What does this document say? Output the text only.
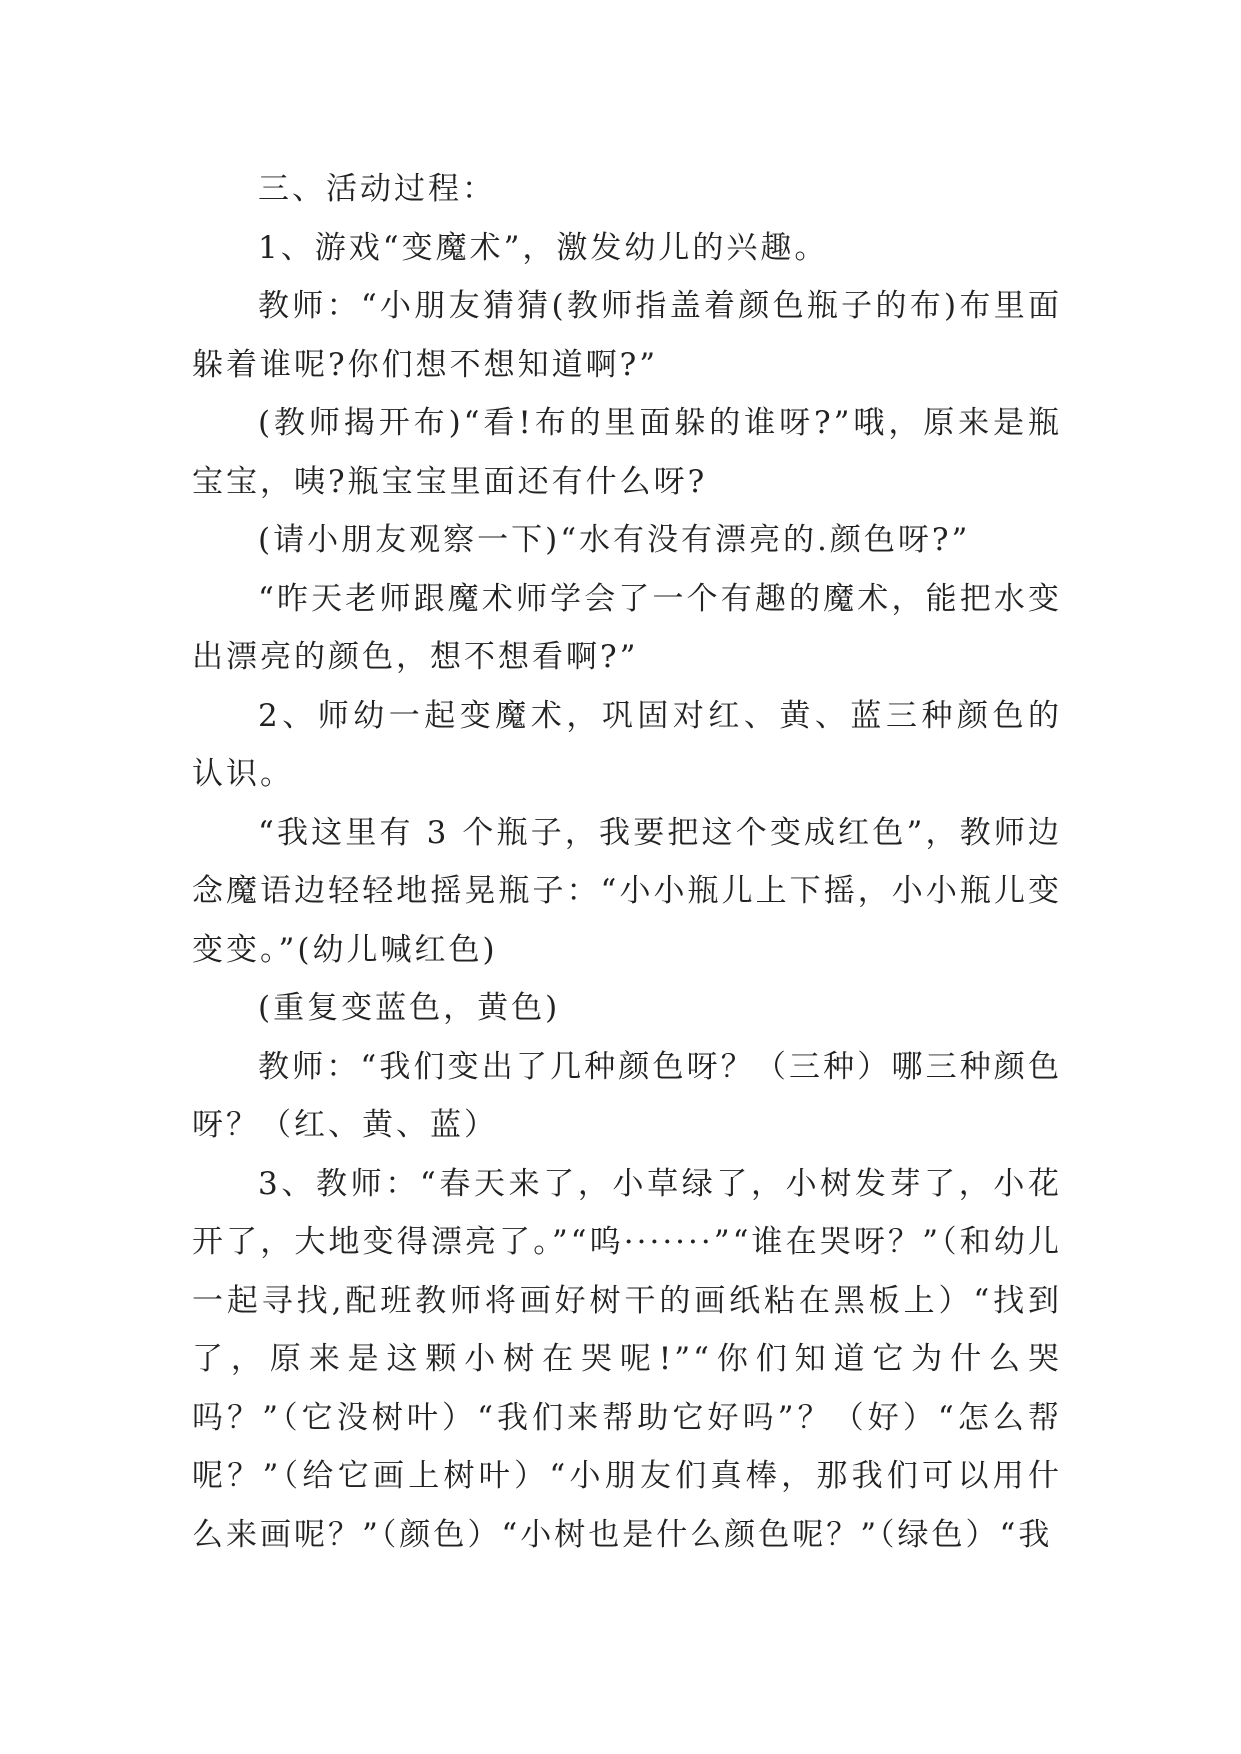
三、活动过程：

1、游戏“变魔术”，激发幼儿的兴趣。

教师：“小朋友猜猜(教师指盖着颜色瓶子的布)布里面躲着谁呢?你们想不想知道啊?”

(教师揭开布)“看!布的里面躲的谁呀?”哦，原来是瓶宝宝，咦?瓶宝宝里面还有什么呀?

(请小朋友观察一下)“水有没有漂亮的.颜色呀?”

“昨天老师跟魔术师学会了一个有趣的魔术，能把水变出漂亮的颜色，想不想看啊?”

2、师幼一起变魔术，巩固对红、黄、蓝三种颜色的认识。

“我这里有 3 个瓶子，我要把这个变成红色”，教师边念魔语边轻轻地摇晃瓶子：“小小瓶儿上下摇，小小瓶儿变变变。”(幼儿喊红色)

(重复变蓝色，黄色)

教师：“我们变出了几种颜色呀？（三种）哪三种颜色呀？（红、黄、蓝）

3、教师：“春天来了，小草绿了，小树发芽了，小花开了，大地变得漂亮了。”“呜·······”“谁在哭呀？”（和幼儿一起寻找,配班教师将画好树干的画纸粘在黑板上）“找到了，原来是这颗小树在哭呢!”“你们知道它为什么哭吗？”（它没树叶）“我们来帮助它好吗”？（好）“怎么帮呢？”（给它画上树叶）“小朋友们真棒，那我们可以用什么来画呢？”（颜色）“小树也是什么颜色呢？”（绿色）“我
